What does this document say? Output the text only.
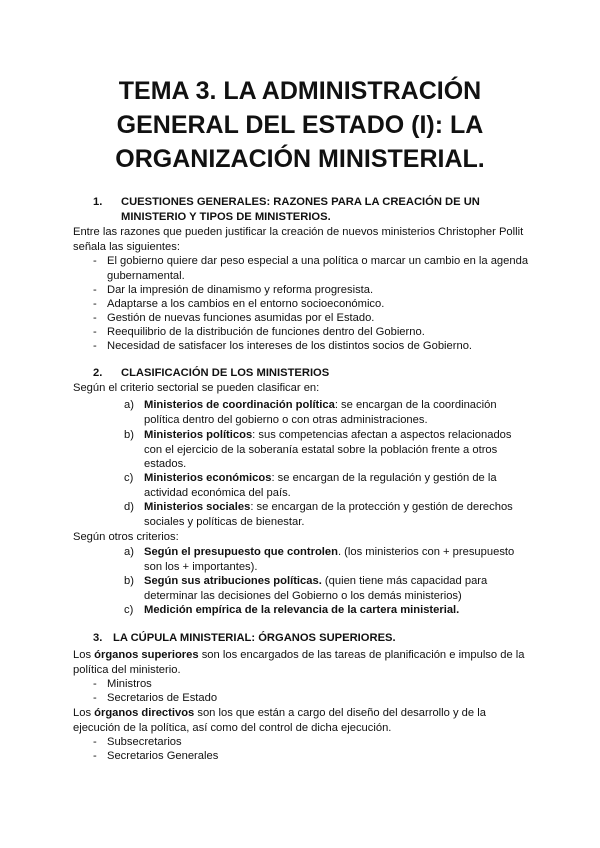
TEMA 3. LA ADMINISTRACIÓN GENERAL DEL ESTADO (I): LA ORGANIZACIÓN MINISTERIAL.
1.	CUESTIONES GENERALES: RAZONES PARA LA CREACIÓN DE UN MINISTERIO Y TIPOS DE MINISTERIOS.

Entre las razones que pueden justificar la creación de nuevos ministerios Christopher Pollit señala las siguientes:

- El gobierno quiere dar peso especial a una política o marcar un cambio en la agenda gubernamental.
- Dar la impresión de dinamismo y reforma progresista.
- Adaptarse a los cambios en el entorno socioeconómico.
- Gestión de nuevas funciones asumidas por el Estado.
- Reequilibrio de la distribución de funciones dentro del Gobierno.
- Necesidad de satisfacer los intereses de los distintos socios de Gobierno.
2.	CLASIFICACIÓN DE LOS MINISTERIOS

Según el criterio sectorial se pueden clasificar en:

a) Ministerios de coordinación política: se encargan de la coordinación política dentro del gobierno o con otras administraciones.
b) Ministerios políticos: sus competencias afectan a aspectos relacionados con el ejercicio de la soberanía estatal sobre la población frente a otros estados.
c) Ministerios económicos: se encargan de la regulación y gestión de la actividad económica del país.
d) Ministerios sociales: se encargan de la protección y gestión de derechos sociales y políticas de bienestar.

Según otros criterios:

a) Según el presupuesto que controlen. (los ministerios con + presupuesto son los + importantes).
b) Según sus atribuciones políticas. (quien tiene más capacidad para determinar las decisiones del Gobierno o los demás ministerios)
c) Medición empírica de la relevancia de la cartera ministerial.
3. LA CÚPULA MINISTERIAL: ÓRGANOS SUPERIORES.

Los órganos superiores son los encargados de las tareas de planificación e impulso de la política del ministerio.

- Ministros
- Secretarios de Estado

Los órganos directivos son los que están a cargo del diseño del desarrollo y de la ejecución de la política, así como del control de dicha ejecución.

- Subsecretarios
- Secretarios Generales
